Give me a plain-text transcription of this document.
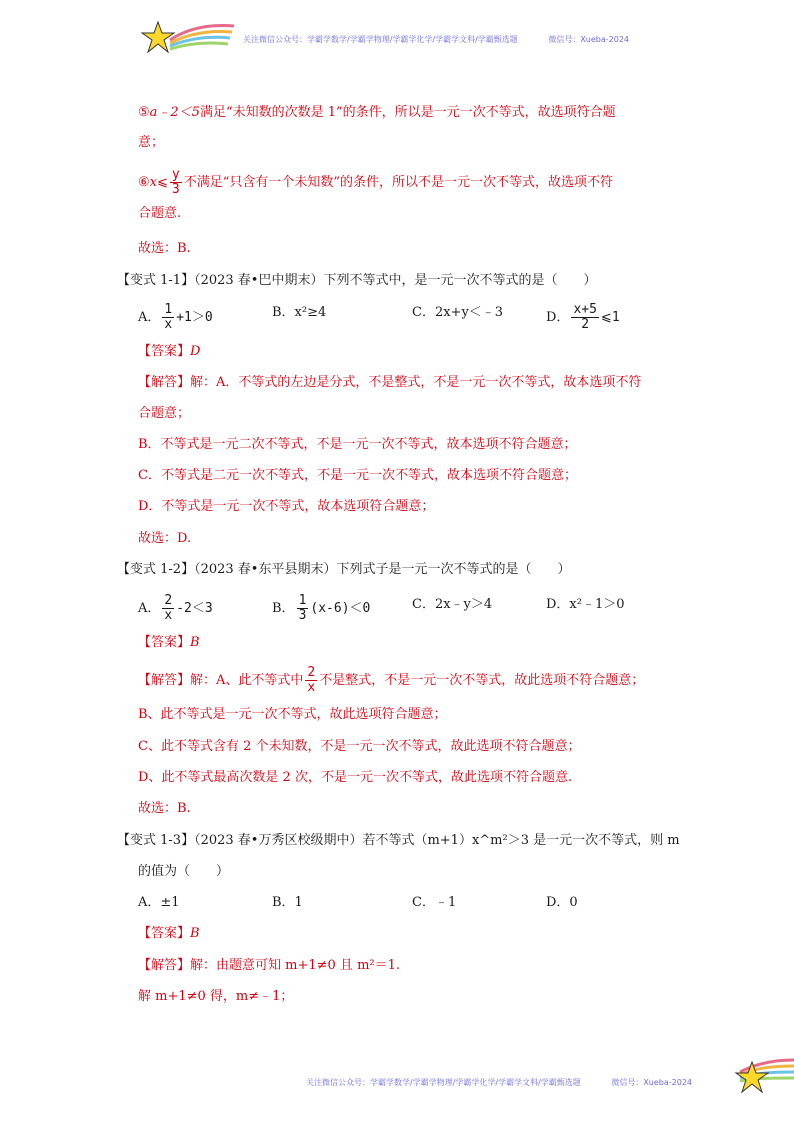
关注微信公众号：学霸学数学/学霸学物理/学霸学化学/学霸学文科/学霸甄选题	微信号：Xueba-2024
⑤a﹣2＜5满足“未知数的次数是 1”的条件，所以是一元一次不等式，故选项符合题
意；
⑥x⩽ $\frac{y}{3}$ 不满足“只含有一个未知数”的条件，所以不是一元一次不等式，故选项不符
合题意.
故选：B.
【变式 1-1】（2023 春•巴中期末）下列不等式中，是一元一次不等式的是（　　）
A． $\frac{1}{x} +1>0$	B．x²≥4	C．2x+y＜﹣3	D． $\frac{x+5}{2}$ ⩽1
【答案】D
【解答】解：A．不等式的左边是分式，不是整式，不是一元一次不等式，故本选项不符
合题意；
B．不等式是一元二次不等式，不是一元一次不等式，故本选项不符合题意；
C．不等式是二元一次不等式，不是一元一次不等式，故本选项不符合题意；
D．不等式是一元一次不等式，故本选项符合题意；
故选：D.
【变式 1-2】（2023 春•东平县期末）下列式子是一元一次不等式的是（　　）
A． $\frac{2}{x} -2<3$	B． $\frac{1}{3} (x-6)<0$	C．2x﹣y＞4	D．x²﹣1＞0
【答案】B
【解答】解：A、此不等式中 $\frac{2}{x}$ 不是整式，不是一元一次不等式，故此选项不符合题意；
B、此不等式是一元一次不等式，故此选项符合题意；
C、此不等式含有 2 个未知数，不是一元一次不等式，故此选项不符合题意；
D、此不等式最高次数是 2 次，不是一元一次不等式，故此选项不符合题意.
故选：B.
【变式 1-3】（2023 春•万秀区校级期中）若不等式（m+1）x^m²＞3 是一元一次不等式，则 m
的值为（　　）
A．±1	B．1	C．﹣1	D．0
【答案】B
【解答】解：由题意可知 m+1≠0 且 m²＝1.
解 m+1≠0 得，m≠﹣1；
关注微信公众号：学霸学数学/学霸学物理/学霸学化学/学霸学文科/学霸甄选题	微信号：Xueba-2024
